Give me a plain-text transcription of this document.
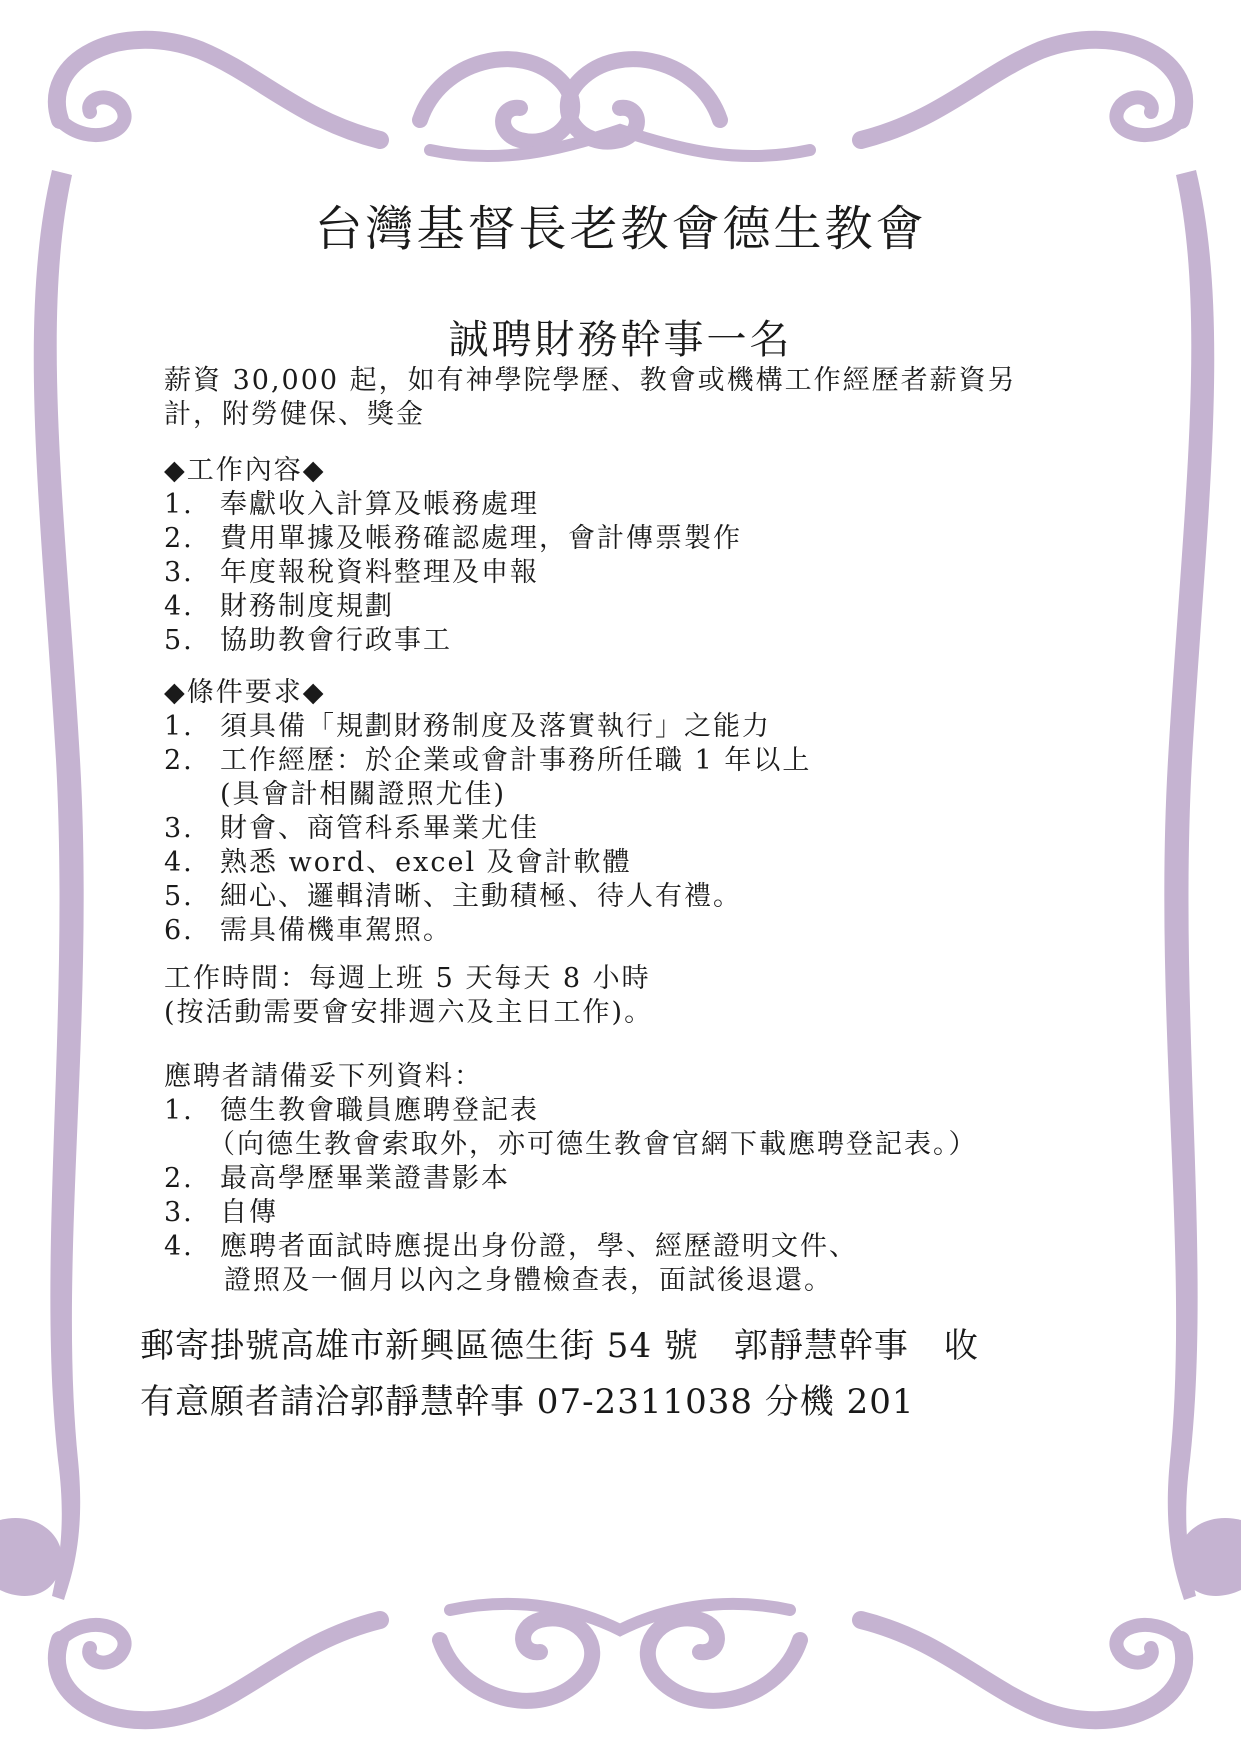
台灣基督長老教會德生教會
誠聘財務幹事一名
薪資 30,000 起，如有神學院學歷、教會或機構工作經歷者薪資另
計，附勞健保、獎金
◆工作內容◆
1. 奉獻收入計算及帳務處理
2. 費用單據及帳務確認處理，會計傳票製作
3. 年度報稅資料整理及申報
4. 財務制度規劃
5. 協助教會行政事工
◆條件要求◆
1. 須具備「規劃財務制度及落實執行」之能力
2. 工作經歷：於企業或會計事務所任職 1 年以上
(具會計相關證照尤佳)
3. 財會、商管科系畢業尤佳
4. 熟悉 word、excel 及會計軟體
5. 細心、邏輯清晰、主動積極、待人有禮。
6. 需具備機車駕照。
工作時間：每週上班 5 天每天 8 小時
(按活動需要會安排週六及主日工作)。
應聘者請備妥下列資料：
1. 德生教會職員應聘登記表
（向德生教會索取外，亦可德生教會官網下載應聘登記表。）
2. 最高學歷畢業證書影本
3. 自傳
4. 應聘者面試時應提出身份證，學、經歷證明文件、
證照及一個月以內之身體檢查表，面試後退還。
郵寄掛號高雄市新興區德生街 54 號　郭靜慧幹事　收
有意願者請洽郭靜慧幹事 07-2311038 分機 201
